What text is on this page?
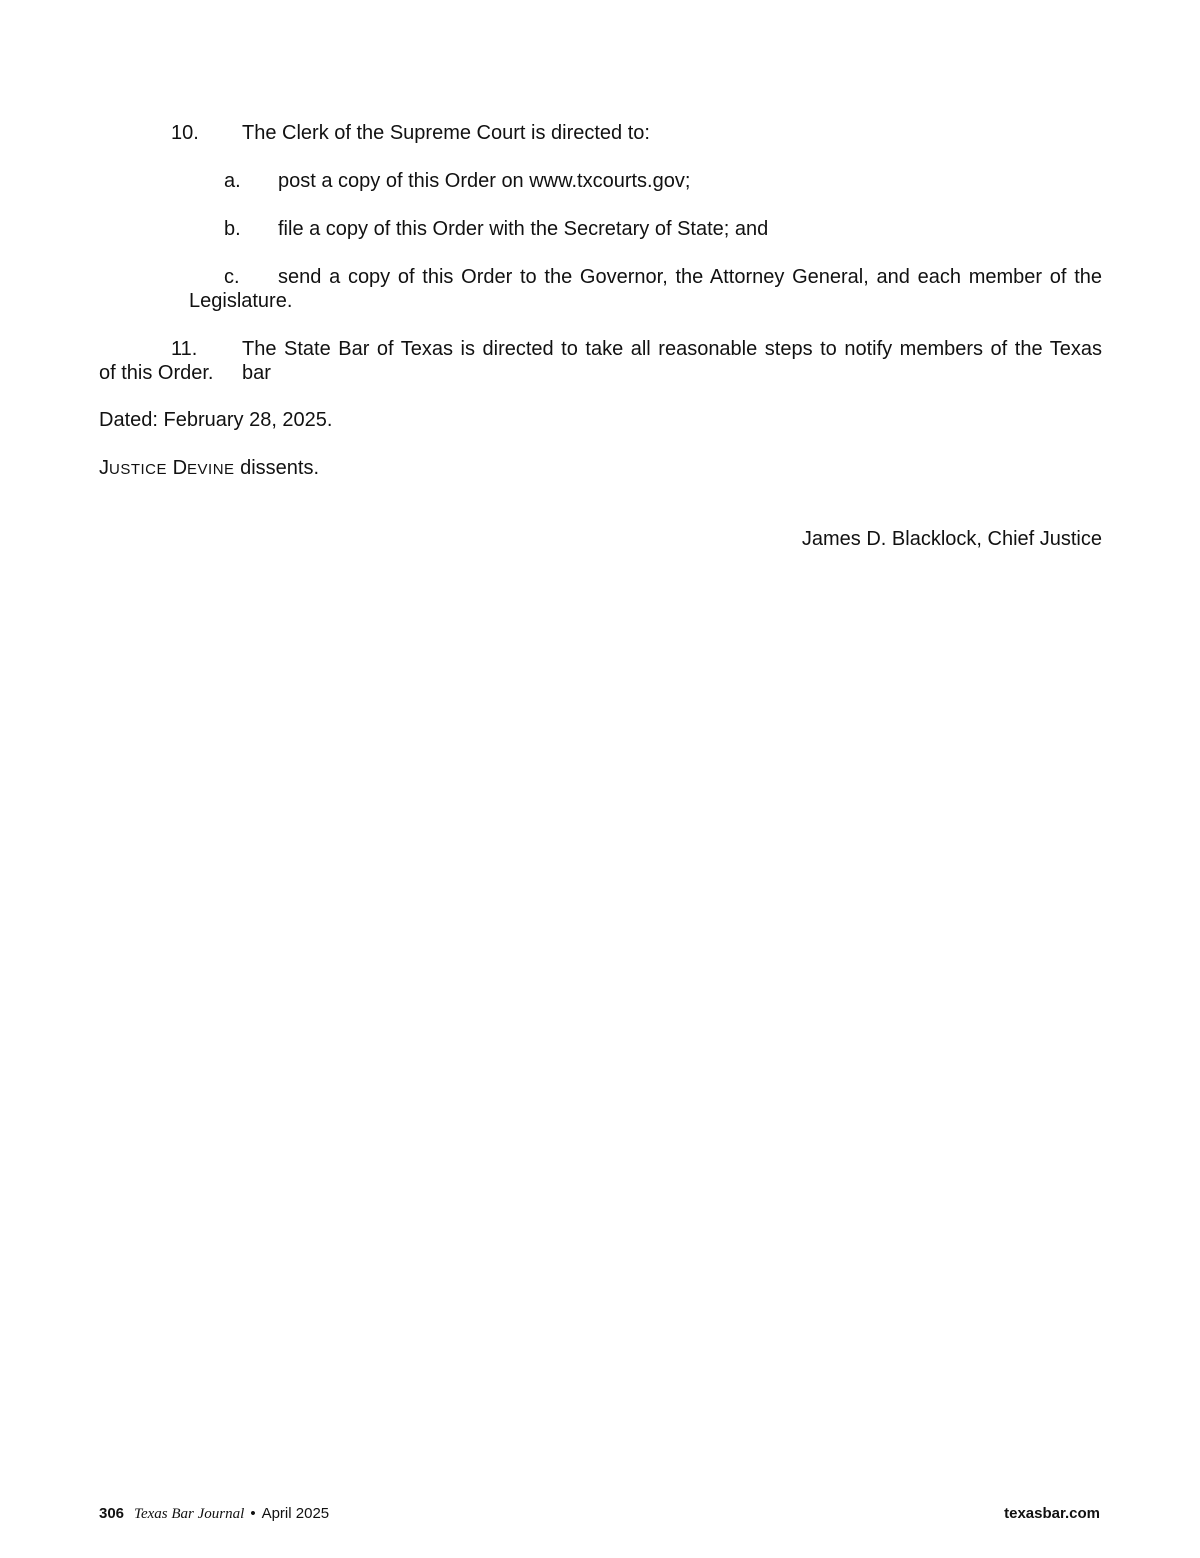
10. The Clerk of the Supreme Court is directed to:
a. post a copy of this Order on www.txcourts.gov;
b. file a copy of this Order with the Secretary of State; and
c. send a copy of this Order to the Governor, the Attorney General, and each member of the
Legislature.
11. The State Bar of Texas is directed to take all reasonable steps to notify members of the Texas bar
of this Order.
Dated: February 28, 2025.
JUSTICE DEVINE dissents.
James D. Blacklock, Chief Justice
306 Texas Bar Journal • April 2025	texasbar.com
